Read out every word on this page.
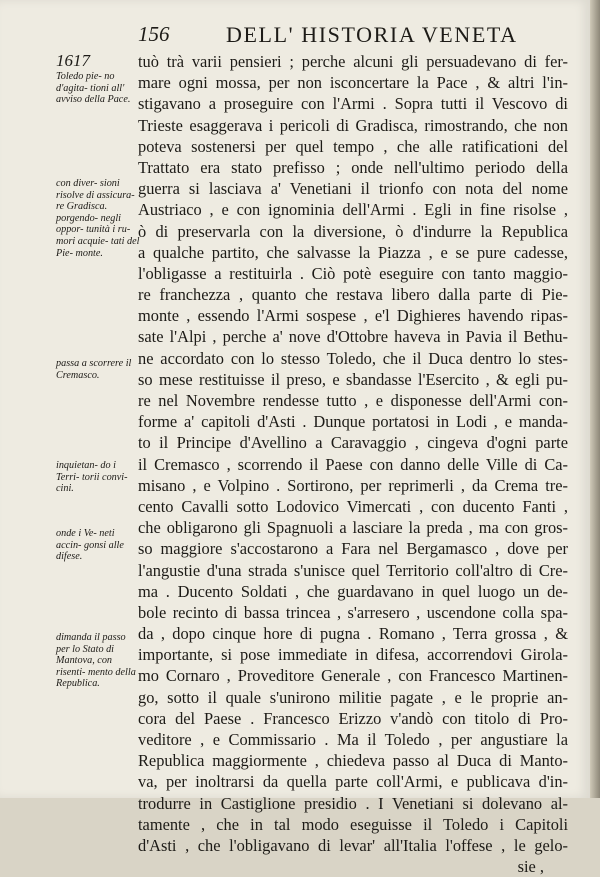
156	DELL' HISTORIA VENETA
1617
Toledo pie- no d'agita- tioni all' avviso della Pace.
con diver- sioni risolve di assicura- re Gradisca. porgendo- negli oppor- tunità i ru- mori acquie- tati del Pie- monte.
passa a scorrere il Cremasco.
inquietan- do i Terri- torii convi- cini.
onde i Ve- neti accin- gonsi alle difese.
dimanda il passo per lo Stato di Mantova, con risenti- mento della Republica.
tuò trà varii pensieri ; perche alcuni gli persuadevano di fer-
mare ogni mossa, per non isconcertare la Pace , & altri l'in-
stigavano a proseguire con l'Armi . Sopra tutti il Vescovo di
Trieste esaggerava i pericoli di Gradisca, rimostrando, che non
poteva sostenersi per quel tempo , che alle ratificationi del
Trattato era stato prefisso ; onde nell'ultimo periodo della
guerra si lasciava a' Venetiani il trionfo con nota del nome
Austriaco , e con ignominia dell'Armi . Egli in fine risolse ,
ò di preservarla con la diversione, ò d'indurre la Republica
a qualche partito, che salvasse la Piazza , e se pure cadesse,
l'obligasse a restituirla . Ciò potè eseguire con tanto maggio-
re franchezza , quanto che restava libero dalla parte di Pie-
monte , essendo l'Armi sospese , e'l Dighieres havendo ripas-
sate l'Alpi , perche a' nove d'Ottobre haveva in Pavia il Bethu-
ne accordato con lo stesso Toledo, che il Duca dentro lo stes-
so mese restituisse il preso, e sbandasse l'Esercito , & egli pu-
re nel Novembre rendesse tutto , e disponesse dell'Armi con-
forme a' capitoli d'Asti . Dunque portatosi in Lodi , e manda-
to il Principe d'Avellino a Caravaggio , cingeva d'ogni parte
il Cremasco , scorrendo il Paese con danno delle Ville di Ca-
misano , e Volpino . Sortirono, per reprimerli , da Crema tre-
cento Cavalli sotto Lodovico Vimercati , con ducento Fanti ,
che obligarono gli Spagnuoli a lasciare la preda , ma con gros-
so maggiore s'accostarono a Fara nel Bergamasco , dove per
l'angustie d'una strada s'unisce quel Territorio coll'altro di Cre-
ma . Ducento Soldati , che guardavano in quel luogo un de-
bole recinto di bassa trincea , s'arresero , uscendone colla spa-
da , dopo cinque hore di pugna . Romano , Terra grossa , &
importante, si pose immediate in difesa, accorrendovi Girola-
mo Cornaro , Proveditore Generale , con Francesco Martinen-
go, sotto il quale s'unirono militie pagate , e le proprie an-
cora del Paese . Francesco Erizzo v'andò con titolo di Pro-
veditore , e Commissario . Ma il Toledo , per angustiare la
Republica maggiormente , chiedeva passo al Duca di Manto-
va, per inoltrarsi da quella parte coll'Armi, e publicava d'in-
trodurre in Castiglione presidio . I Venetiani si dolevano al-
tamente , che in tal modo eseguisse il Toledo i Capitoli
d'Asti , che l'obligavano di levar' all'Italia l'offese , le gelo-
sie ,
